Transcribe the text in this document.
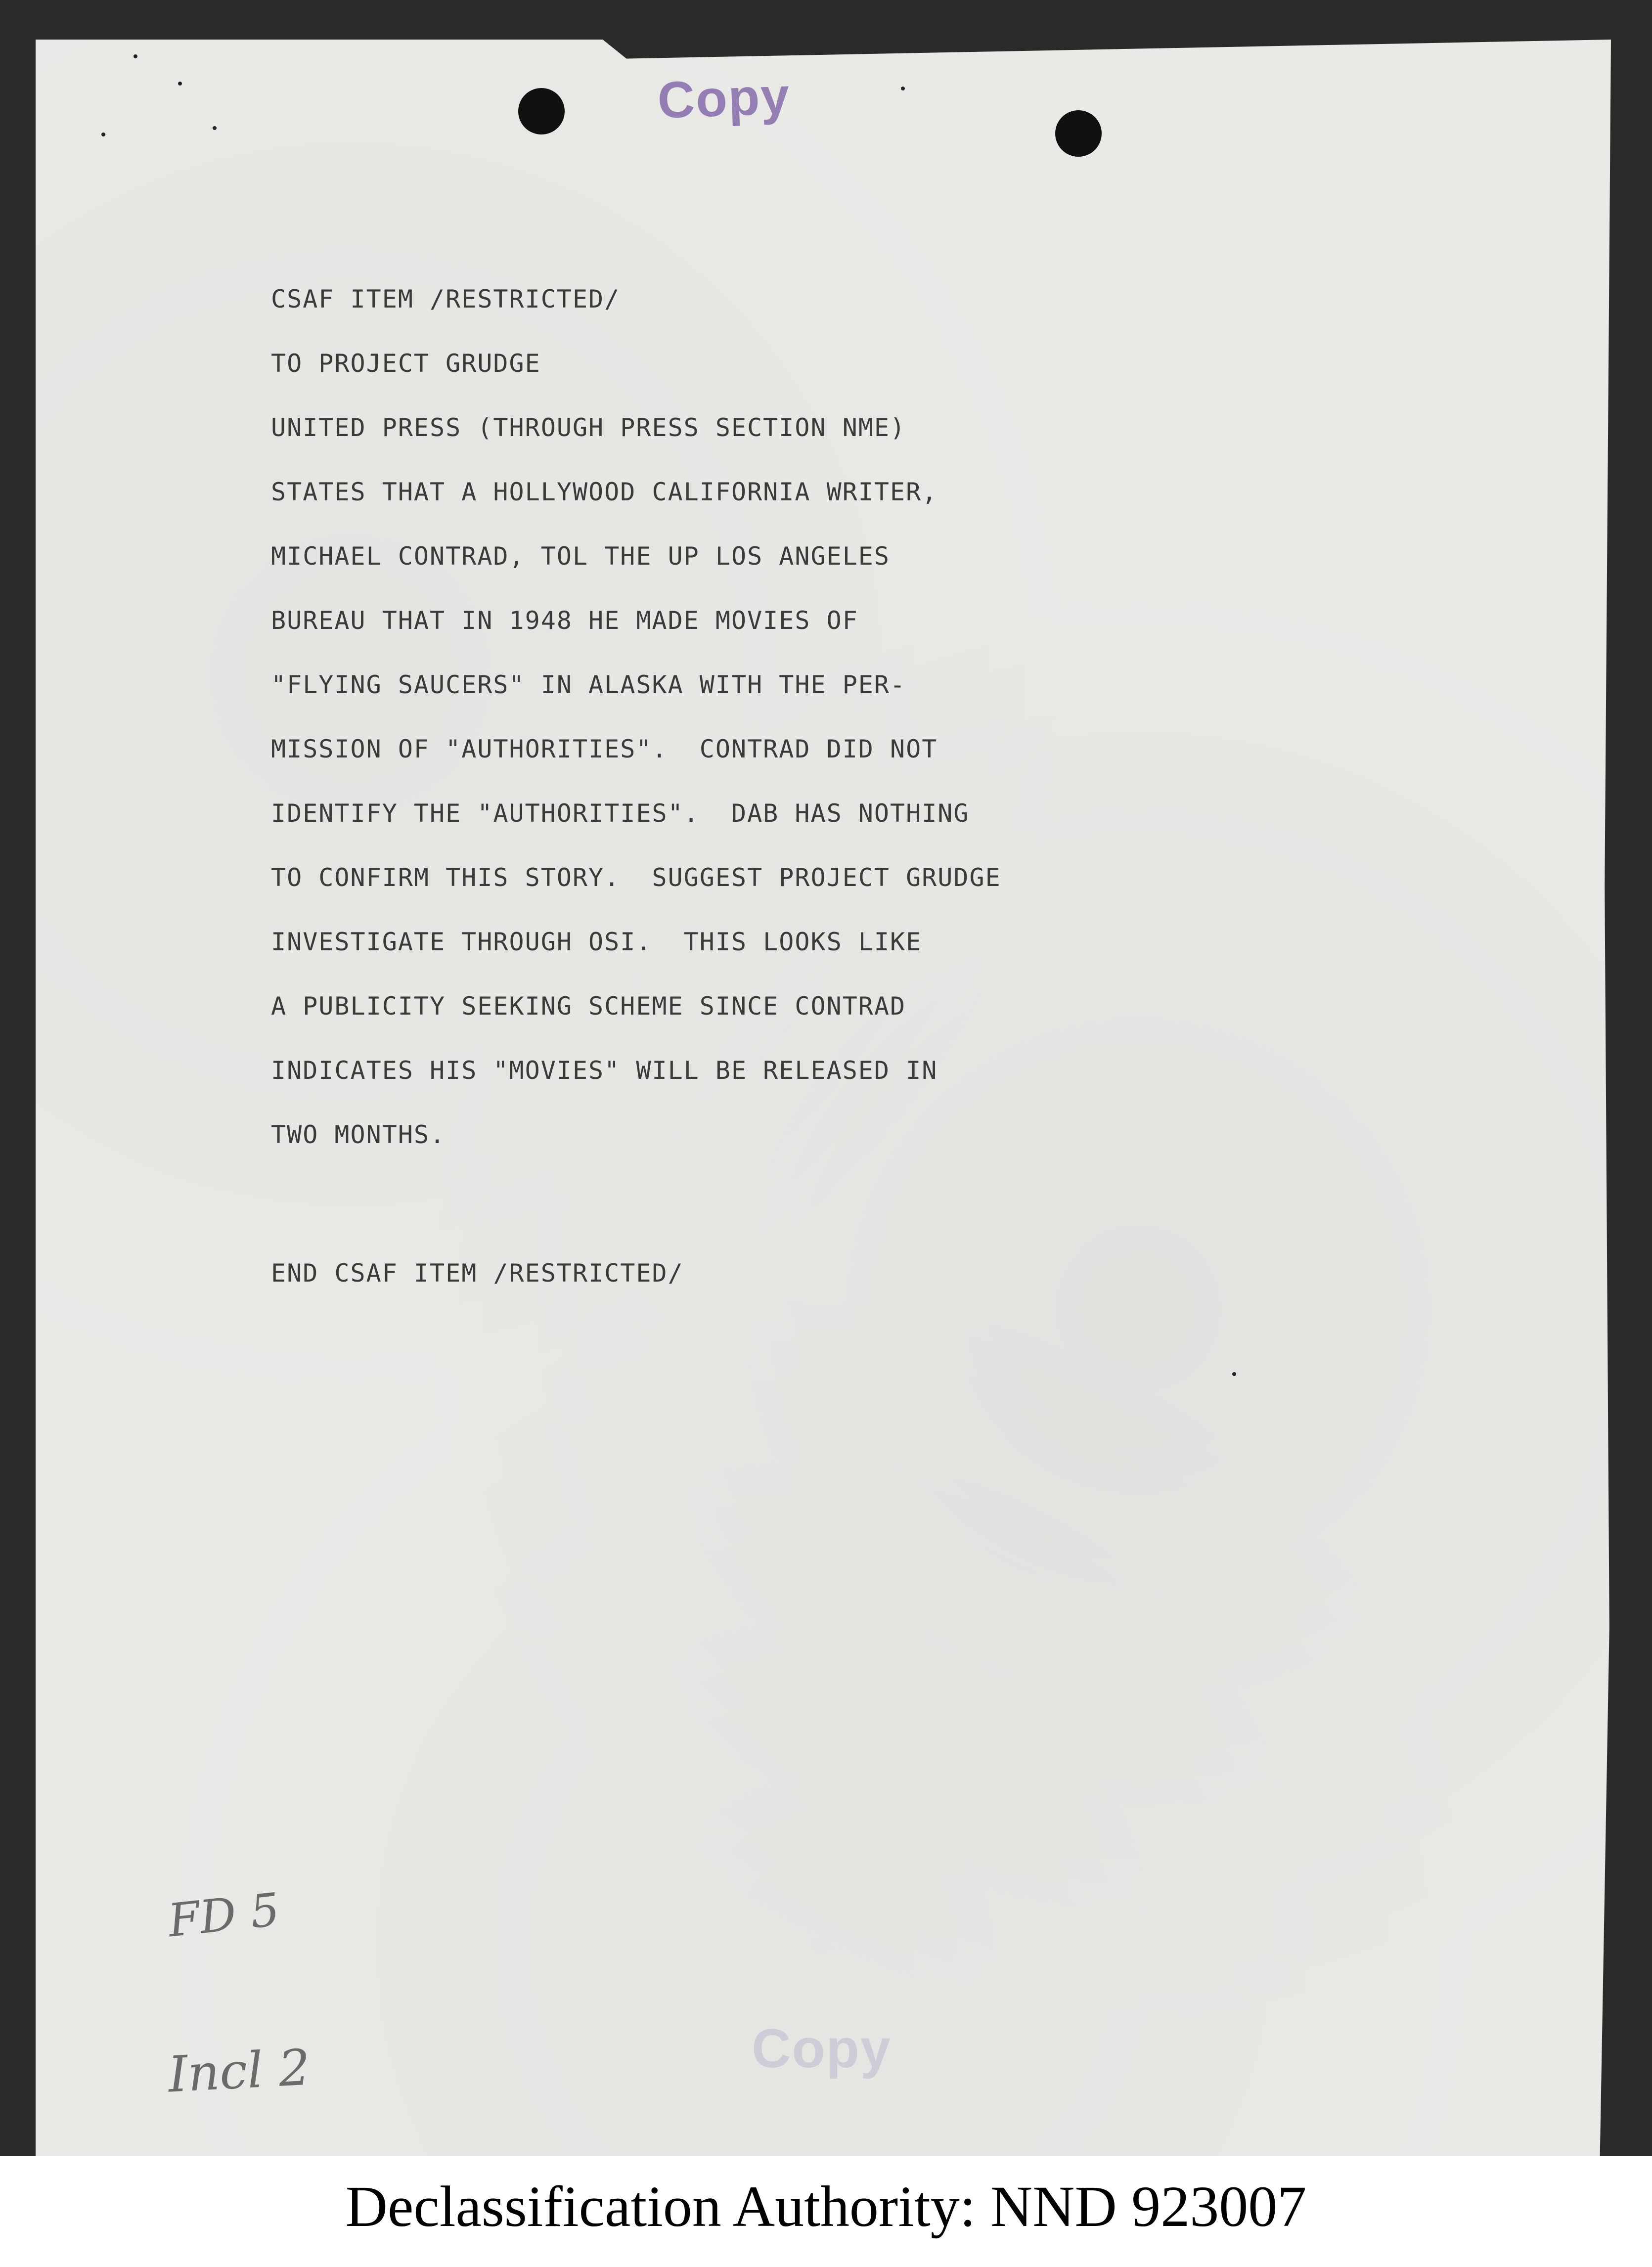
Copy
CSAF ITEM /RESTRICTED/
TO PROJECT GRUDGE
UNITED PRESS (THROUGH PRESS SECTION NME)
STATES THAT A HOLLYWOOD CALIFORNIA WRITER,
MICHAEL CONTRAD, TOL THE UP LOS ANGELES
BUREAU THAT IN 1948 HE MADE MOVIES OF
"FLYING SAUCERS" IN ALASKA WITH THE PER-
MISSION OF "AUTHORITIES".  CONTRAD DID NOT
IDENTIFY THE "AUTHORITIES".  DAB HAS NOTHING
TO CONFIRM THIS STORY.  SUGGEST PROJECT GRUDGE
INVESTIGATE THROUGH OSI.  THIS LOOKS LIKE
A PUBLICITY SEEKING SCHEME SINCE CONTRAD
INDICATES HIS "MOVIES" WILL BE RELEASED IN
TWO MONTHS.
END CSAF ITEM /RESTRICTED/
FD 5
Incl 2	Copy
Declassification Authority: NND 923007
